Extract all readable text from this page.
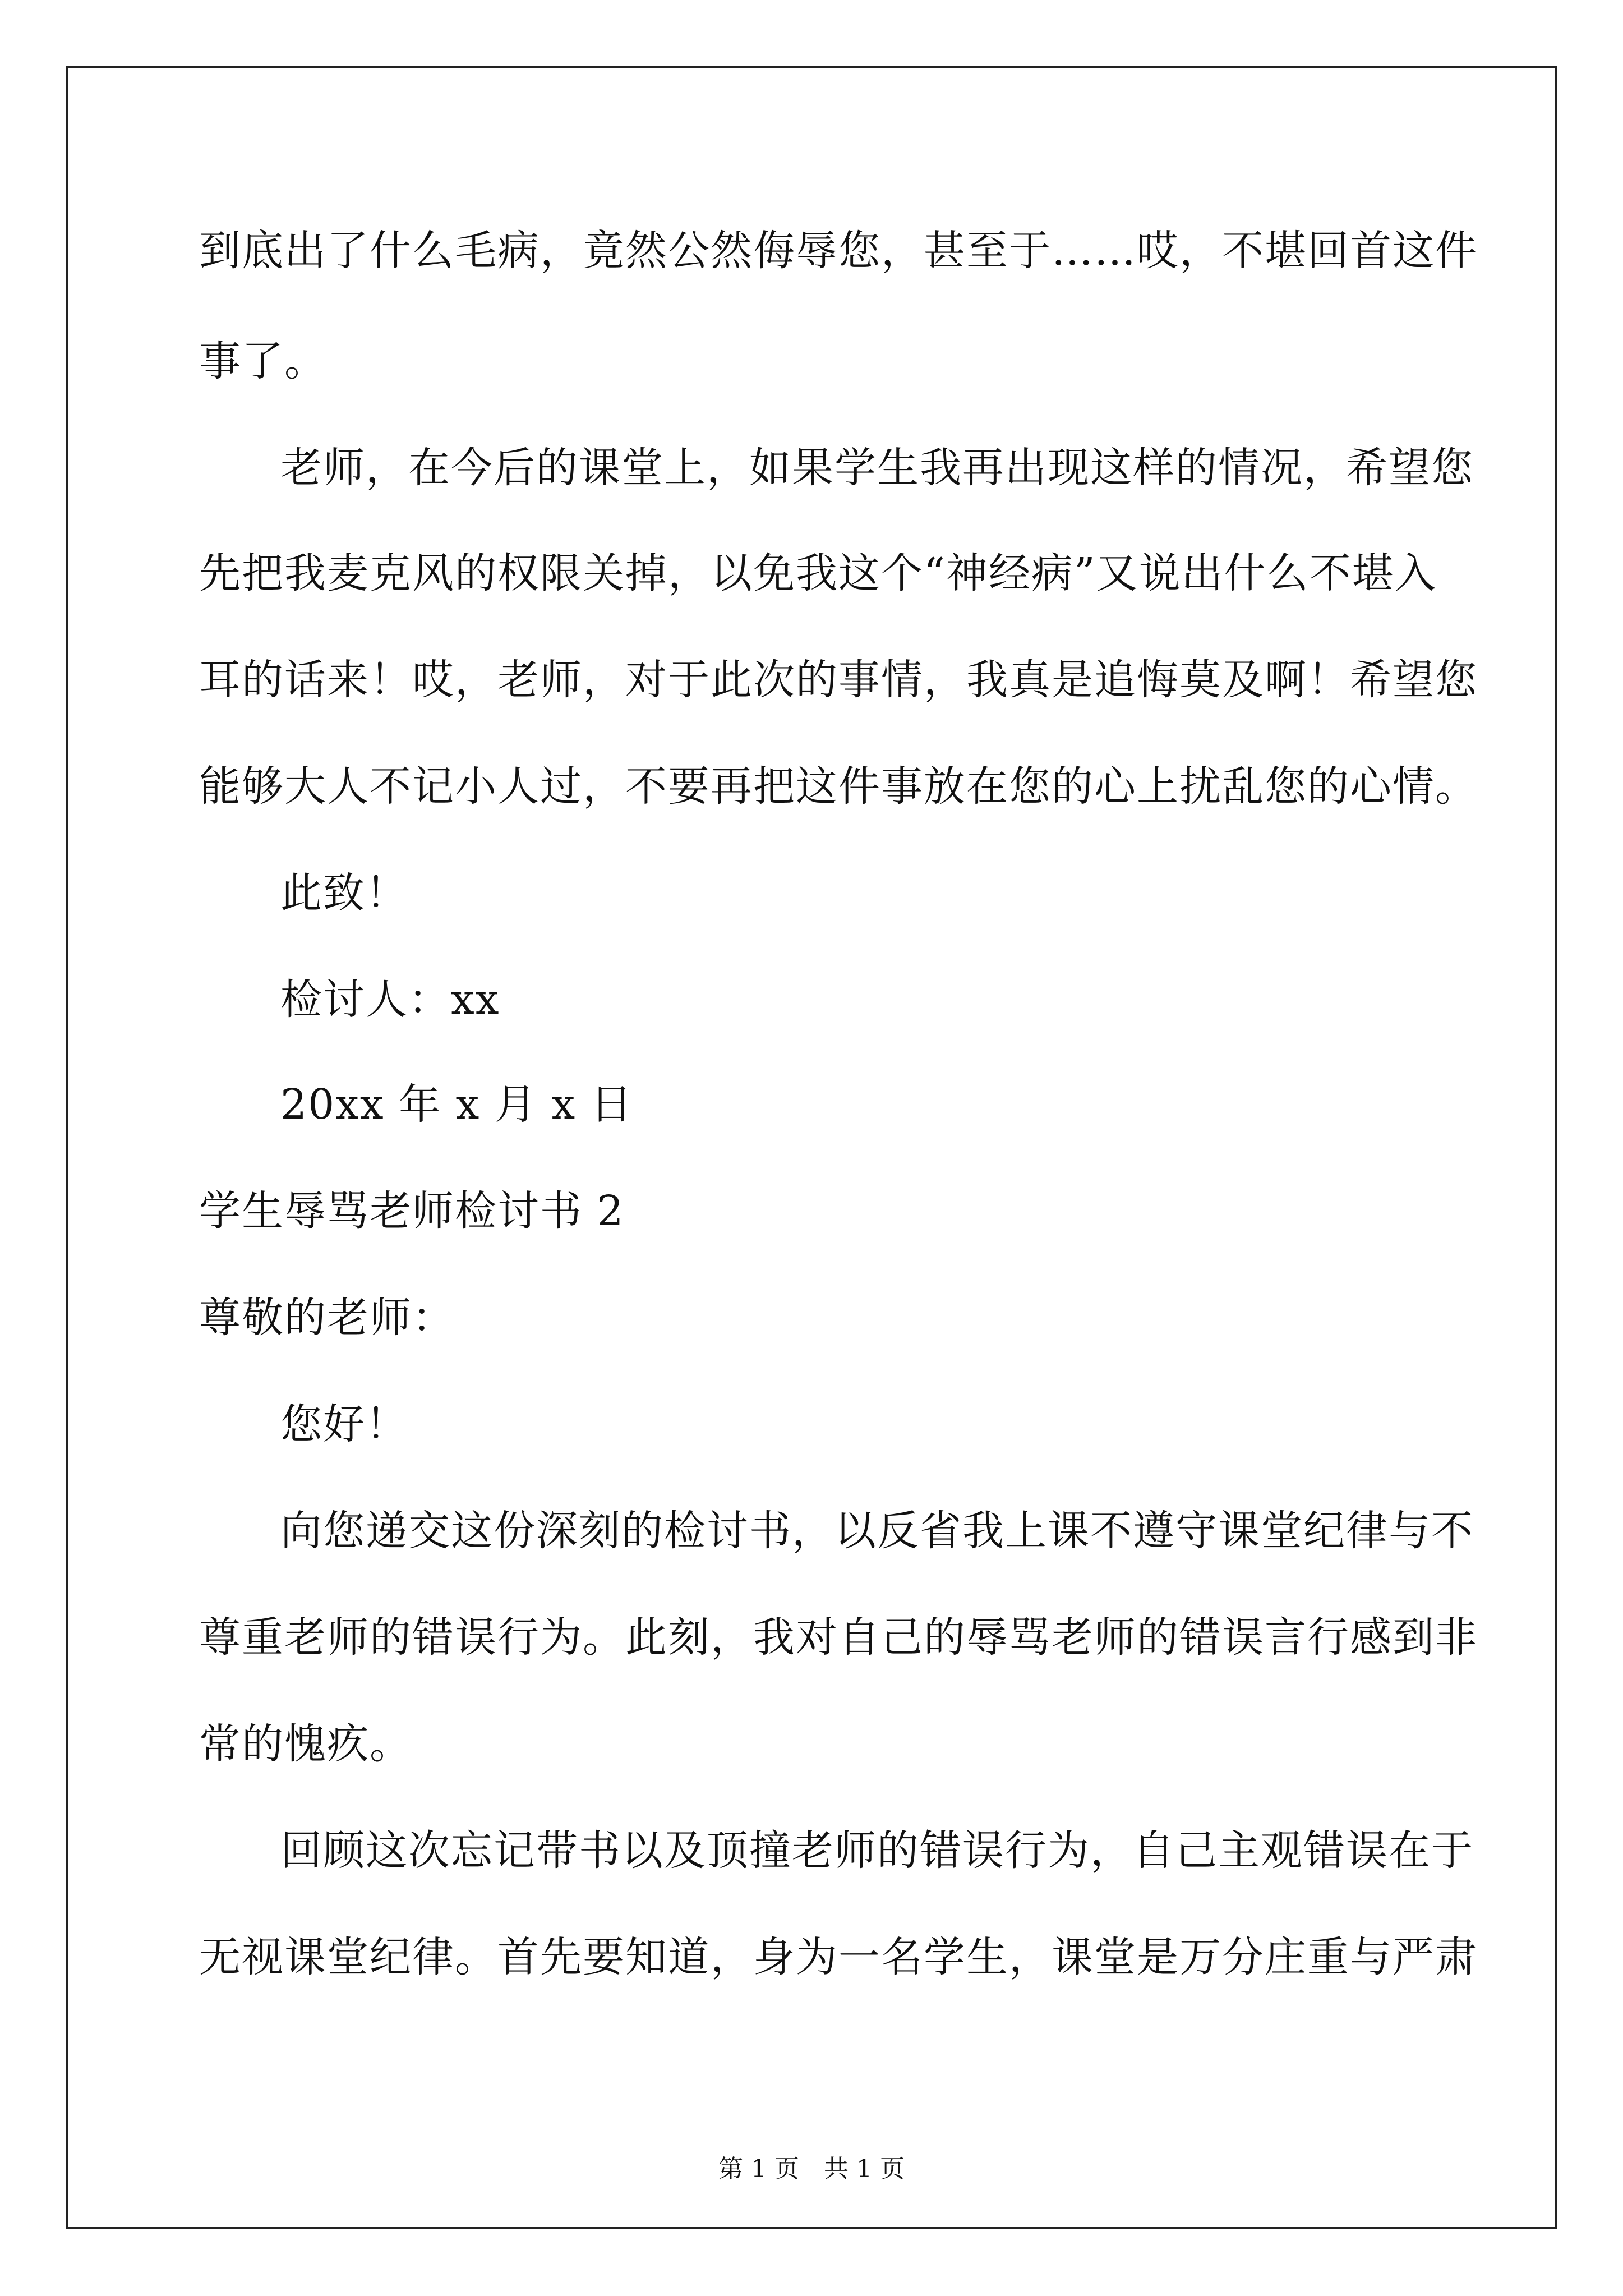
到底出了什么毛病，竟然公然侮辱您，甚至于……哎，不堪回首这件
事了。
老师，在今后的课堂上，如果学生我再出现这样的情况，希望您
先把我麦克风的权限关掉，以免我这个“神经病”又说出什么不堪入
耳的话来！哎，老师，对于此次的事情，我真是追悔莫及啊！希望您
能够大人不记小人过，不要再把这件事放在您的心上扰乱您的心情。
此致！
检讨人：xx
20xx 年 x 月 x 日
学生辱骂老师检讨书 2
尊敬的老师：
您好！
向您递交这份深刻的检讨书，以反省我上课不遵守课堂纪律与不
尊重老师的错误行为。此刻，我对自己的辱骂老师的错误言行感到非
常的愧疚。
回顾这次忘记带书以及顶撞老师的错误行为，自己主观错误在于
无视课堂纪律。首先要知道，身为一名学生，课堂是万分庄重与严肃
第 1 页　共 1 页
